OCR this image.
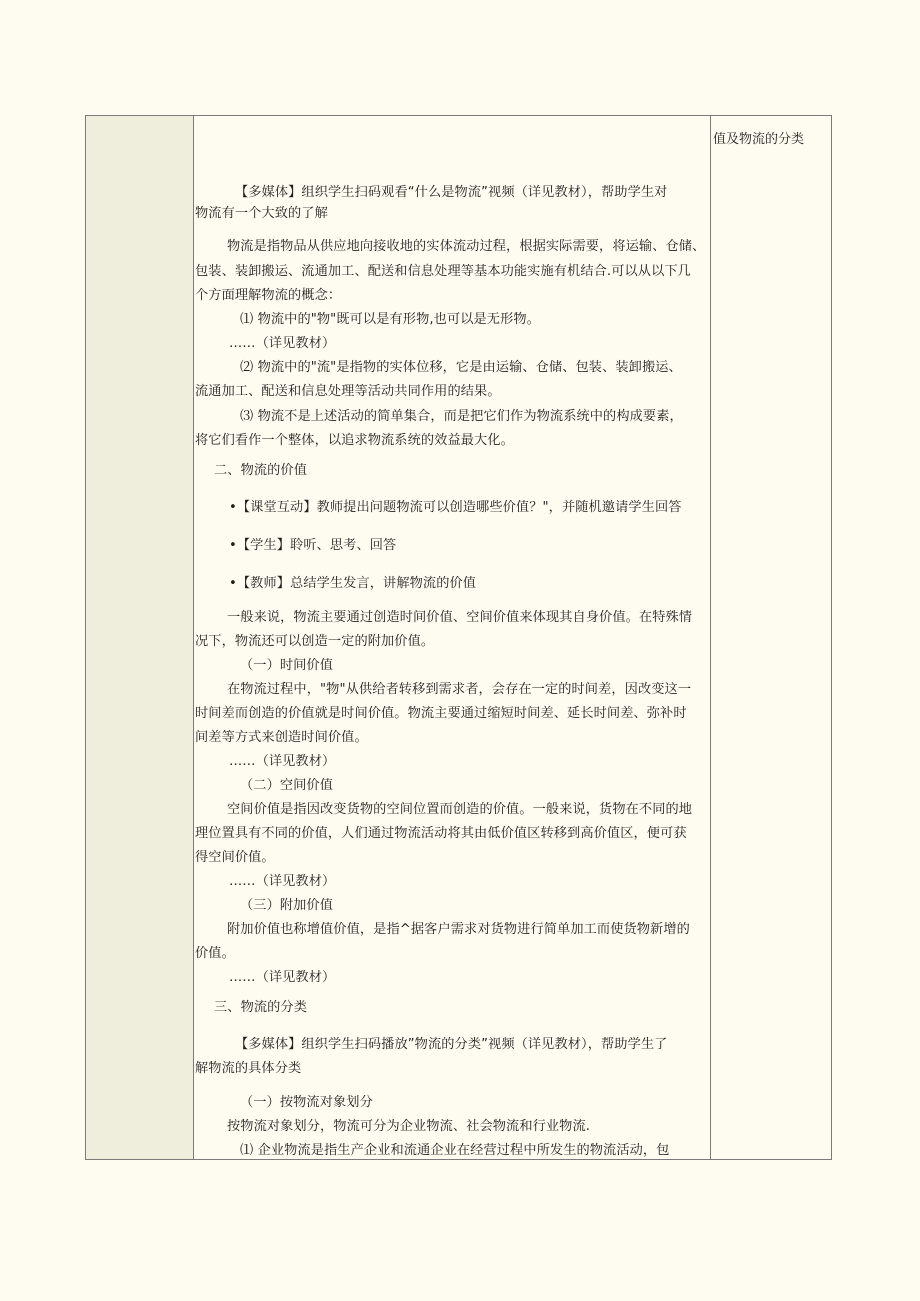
【多媒体】组织学生扫码观看“什么是物流”视频（详见教材），帮助学生对
物流有一个大致的了解
物流是指物品从供应地向接收地的实体流动过程，根据实际需要，将运输、仓储、
包装、装卸搬运、流通加工、配送和信息处理等基本功能实施有机结合.可以从以下几
个方面理解物流的概念：
⑴ 物流中的"物"既可以是有形物,也可以是无形物。
……（详见教材）
⑵ 物流中的"流"是指物的实体位移，它是由运输、仓储、包装、装卸搬运、
流通加工、配送和信息处理等活动共同作用的结果。
⑶ 物流不是上述活动的简单集合，而是把它们作为物流系统中的构成要素，
将它们看作一个整体，以追求物流系统的效益最大化。
二、物流的价值
•【课堂互动】教师提出问题物流可以创造哪些价值？"，并随机邀请学生回答
•【学生】聆听、思考、回答
•【教师】总结学生发言，讲解物流的价值
一般来说，物流主要通过创造时间价值、空间价值来体现其自身价值。在特殊情
况下，物流还可以创造一定的附加价值。
（一）时间价值
在物流过程中，"物"从供给者转移到需求者，会存在一定的时间差，因改变这一
时间差而创造的价值就是时间价值。物流主要通过缩短时间差、延长时间差、弥补时
间差等方式来创造时间价值。
……（详见教材）
（二）空间价值
空间价值是指因改变货物的空间位置而创造的价值。一般来说，货物在不同的地
理位置具有不同的价值，人们通过物流活动将其由低价值区转移到高价值区，便可获
得空间价值。
……（详见教材）
（三）附加价值
附加价值也称增值价值，是指^据客户需求对货物进行简单加工而使货物新增的
价值。
……（详见教材）
三、物流的分类
【多媒体】组织学生扫码播放”物流的分类”视频（详见教材），帮助学生了
解物流的具体分类
（一）按物流对象划分
按物流对象划分，物流可分为企业物流、社会物流和行业物流.
⑴ 企业物流是指生产企业和流通企业在经营过程中所发生的物流活动，包
值及物流的分类
